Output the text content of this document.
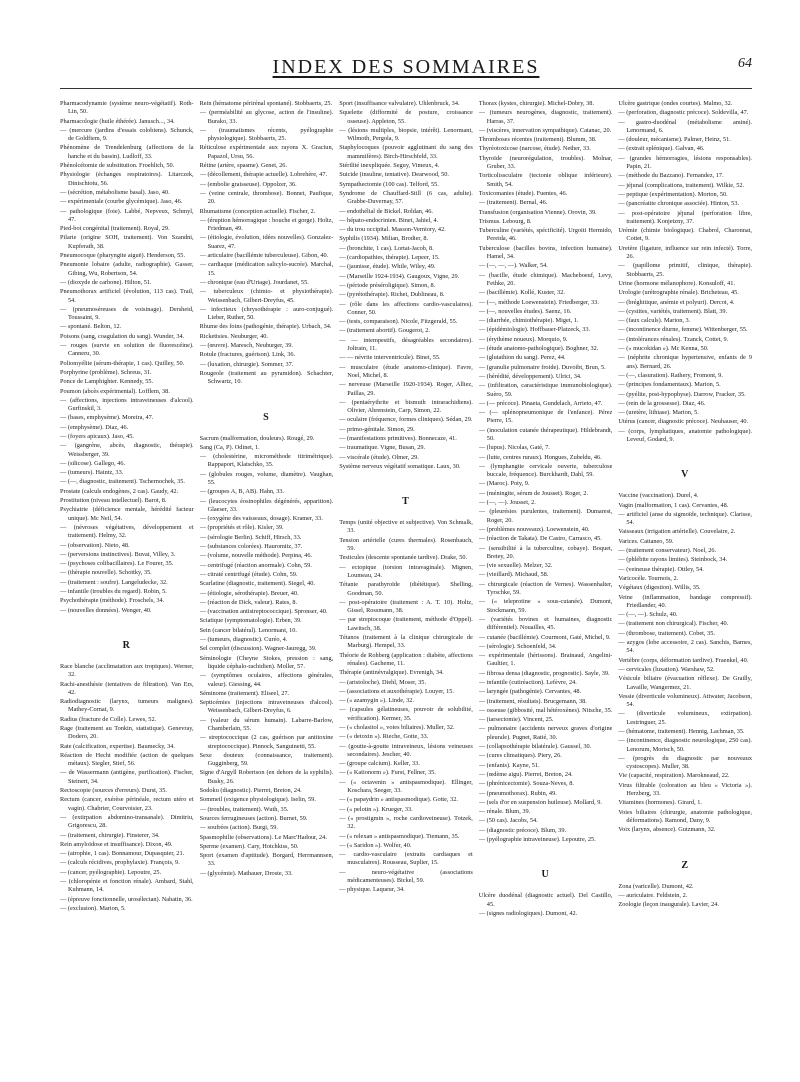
INDEX DES SOMMAIRES	64
Pharmacodynamie (système neuro-végétatif). Roth-Lin, 50.
Pharmacologie (huile éthérée). Janusch..., 34.
— (mercure (jardins d'essais colobiens). Schunck, de Goldfiem, 9.
Phénomène de Trendelenburg (affections de la hanche et du bassin). Ludloff, 33.
Phénolcétomie de substitution. Froehlich, 50.
Physiologie (échanges respiratoires). Litarczek, Dinischiotu, 56.
— (sécrétion, métabolisme basal). Jaso, 40.
— expérimentale (courbe glycémique). Jaso, 46.
— pathologique (foie). Labbé, Nepveux, Schmyl, 47.
Pied-bot congénital (traitement). Royal, 29.
Pilarie (origine SOH, traitement). Von Szandni, Kupferath, 38.
Pneumocoque (pharyngite aiguë). Henderson, 55.
Pneumonie lobaire (adulte, radiographie). Gasser, Gibing, Wu, Robertson, 54.
— (dioxyde de carbone). Hilton, 51.
Pneumothorax artificiel (évolution, 113 cas). Trail, 54.
— (pneumoséreuses de voisinage). Dersheid, Toussaint, 9.
— spontané. Belton, 12.
Poisons (sang, coagulation du sang). Wunder, 34.
— rouges (survie en solution de fluorescéine). Canneru, 30.
Poliomyélite (sérum-thérapie, 1 cas). Quilley, 50.
Porphyrine (problème). Schreus, 31.
Ponce de Lamphighter. Kennedy, 55.
Poumon (abcès expérimental). Lofflem, 38.
— (affections, injections intraveineuses d'alcool). Gurfinskil, 3.
— (bases, emphysème). Moreira, 47.
— (emphysème). Diaz, 46.
— (foyers apicaux). Jaso, 45.
— (gangrène, abcès, diagnostic, thérapie). Weissberger, 39.
— (silicose). Gallego, 46.
— (tumeurs). Haintz, 33.
— (—, diagnostic, traitement). Tschernochek, 35.
Prostate (calculs endogènes, 2 cas). Gaudy, 42.
Prostitution (niveau intellectuel). Barot, 8.
Psychiatrie (déficience mentale, hérédité facteur unique). Mc Neil, 54.
— (névroses végétatives, développement et traitement). Helmy, 32.
— (observation). Nieto, 48.
— (perversions instinctives). Buvat, Villey, 3.
— (psychoses colibacillaires). Le Fourer, 35.
— (thérapie nouvelle). Schottky, 35.
— (traitement : soufre). Langeludecke, 32.
— infantile (troubles du regard). Robin, 5.
Psychothérapie (méthode). Froschels, 34.
— (nouvelles données). Wenger, 40.
R
Race blanche (acclimatation aux tropiques). Werner, 32.
Rachi-anesthésie (tentatives de filtration). Van Ers, 42.
Radiodiagnostic (larynx, tumeurs malignes). Mathey-Cornat, 9.
Radius (fracture de Colle). Lewes, 52.
Rage (traitement au Tonkin, statistique). Genevray, Dodero, 20.
Rate (calcification, expertise). Baumecky, 34.
Réaction de Hecht modifiée (action de quelques métaux). Siegler, Stief, 56.
— de Wassermann (antigène, purification). Fischer, Steinert, 34.
Rectoscopie (sources d'erreurs). Durst, 35.
Rectum (cancer, exérèse périnéale, rectum utéro et vagin). Chabrier, Courvoisier, 23.
— (extirpation abdomino-transanale). Dimitriu, Grigorescu, 28.
— (traitement, chirurgie). Finsterer, 34.
Rein amyloïdose et insuffisance). Dixon, 49.
— (atrophie, 1 cas). Bonnamour, Dupasquier, 21.
— (calculs récidives, prophylaxie). François, 9.
— (cancer, pyélographie). Lepoutre, 25.
— (chloropénie et fonction rénale). Ambard, Stahl, Kuhmann, 14.
— (épreuve fonctionnelle, urosélectan). Nabatin, 36.
— (exclusion). Marion, 5.
Rein (hématome périrénal spontané). Stobbaerts, 25.
— (perméabilité au glycose, action de l'insuline). Burako, 33.
— (traumatismes récents, pyélographie physiologique). Stobbaerts, 25.
Réticulose expérimentale aux rayons X. Graciun, Papazol, Ursu, 56.
Rétine (artère, spasme). Genet, 26.
— (décollement, thérapie actuelle). Lobrehère, 47.
— (embolie graisseuse). Oppolzer, 36.
— (veine centrale, thrombose). Bonnet, Paufique, 20.
Rhumatisme (conception actuelle). Fischer, 2.
— (éruption hémorragique : bouche et gorge). Holtz, Friedman, 49.
— (étiologie, évolution, idées nouvelles). Gonzalez-Suarez, 47.
— articulaire (bacillémie tuberculeuse). Gibon, 40.
— cardiaque (médication salicylo-sucrée). Marchal, 15.
— chronique (eau d'Uriage). Jourdanet, 55.
— tuberculeux (chimio- et physiothérapie). Weissenbach, Gilbert-Dreyfus, 45.
— infectieux (chrysothérapie : auro-conjugué). Lieber, Ruther, 50.
Rhume des foins (pathogénie, thérapie). Urbach, 34.
Rickettsies. Neuburger, 40.
— (œuvre). Maresch, Neuburger, 39.
Rotule (fractures, guérison). Link, 36.
— (luxation, chirurgie). Sommer, 37.
Rougeole (traitement au pyramidon). Schachter, Schwartz, 10.
S
Sacrum (malformation, douleurs). Rougé, 29.
Sang (Ca, P). Odinet, 1.
— (cholestérine, microméthode titrimétrique). Rappaport, Klatschko, 35.
— (globules rouges, volume, diamètre). Vaughan, 55.
— (groupes A, B, AB). Hahn, 33.
— (leucocytes éosinophiles dégénérés, apparition). Glaeser, 33.
— (oxygène des vaisseaux, dosage). Kramer, 33.
— (propriétés et rôle). Kisler, 39.
— (sérologie Berlin). Schiff, Hirsch, 33.
— (substances colorées). Hauromitz, 37.
— (volume, nouvelle méthode). Perpina, 46.
— centrifugé (réaction anormale). Cohn, 59.
— citraté centrifugé (étude). Cohn, 59.
Scarlatine (diagnostic, traitement). Siegel, 40.
— (étiologie, sérothérapie). Breuer, 40.
— (réaction de Dick, valeur). Rates, 8.
— (vaccination antistreptococcique). Spronser, 40.
Sciatique (symptomatologie). Erben, 39.
Sein (cancer bilatéral). Lenormant, 10.
— (tumeurs, diagnostic). Curéo, 4.
Sel complet (discussion). Wagner-Jauregg, 39.
Séminologie (Cheyne Stokes, pression : sang, liquide céphalo-rachidien). Moller, 57.
— (symptômes oculaires, affections générales, valeur). Giessing, 44.
Séminome (traitement). Eliseel, 27.
Septicémies (injections intraveineuses d'alcool). Weissenbach, Gilbert-Dreyfus, 6.
— (valeur du sérum humain). Labarre-Barlow, Chamberlain, 55.
— streptococcique (2 cas, guérison par antitoxine streptococcique). Pinnock, Sanguinetti, 55.
Sexe douteux (connaissance, traitement). Gugginberg, 59.
Signe d'Argyll Robertson (en dehors de la syphilis). Busky, 26.
Sodoku (diagnostic). Pierret, Breton, 24.
Sommeil (exigence physiologique). Iselin, 59.
— (troubles, traitement). Wuth, 35.
Sources ferrugineuses (action). Burnet, 59.
— soufrées (action). Burgi, 59.
Spasmophilie (observations). Le Marc'Hadour, 24.
Sperme (examen). Cary, Hotchkiss, 50.
Sport (examen d'aptitude). Borgard, Herrmannsen, 33.
— (glycémie). Mathauer, Droste, 33.
Sport (insuffisance valvulaire). Uhlenbruck, 34.
Squelette (difformité de posture, croissance osseuse). Appleton, 55.
— (lésions multiples, biopsie, intérêt). Lenormant, Wilmoth, Pergola, 9.
Staphylocoques (pouvoir agglutinant du sang des mammifères). Birch-Hirschfeld, 33.
Stérilité inexpliquée. Seguy, Vimeux, 4.
Suicide (insuline, tentative). Dearwood, 50.
Sympathectomie (100 cas). Telford, 55.
Syndrome de Chauffard-Still (6 cas, adulte). Grabbe-Duvernay, 57.
— endothélial de Bickel. Roldan, 46.
— hépato-endocrinien. Binet, Jahiel, 4.
— du trou occipital. Masson-Verniory, 42.
Syphilis (1934). Milian, Brodier, 8.
— (bronchite, 1 cas). Lortat-Jacob, 8.
— (cardiopathies, thérapie). Lepeer, 15.
— (jaunisse, étude). While, Wiley, 49.
— (Marseille 1924-1934). Gaugoux, Vigne, 29.
— (période préséroligique). Simon, 8.
— (pyrétothérapie). Richet, Dublineau, 8.
— (rôle dans les affections cardio-vasculaires). Conner, 50.
— (tests, comparaison). Nicole, Fitzgerald, 55.
— (traitement abortif). Gougerot, 2.
— — intempestifs, désagréables secondaires). Joltrain, 11.
— — névrite interventricule). Binet, 55.
— musculaire (étude anatomo-clinique). Favre, Noel, Michel, 8.
— nerveuse (Marseille 1920-1934). Roger, Alliez, Paillas, 29.
— (pentaérythrite et bismuth intrarachidiens). Olivier, Ahrenstein, Carp, Simon, 22.
— oculaire (fréquence, formes cliniques). Sédan, 29.
— primo-génitale. Simon, 29.
— (manifestations primitives). Bonnecaze, 41.
— traumatique. Vigne, Busan, 29.
— viscérale (étude). Olmer, 29.
Système nerveux végétatif somatique. Laux, 30.
T
Temps (unité objective et subjective). Von Schmalk, 33.
Tension artérielle (cures thermales). Rosenbauch, 59.
Testicules (descente spontanée tardive). Drake, 50.
— ectopique (torsion intravaginale). Mignen, Loumeau, 24.
Tétanie parathyroïde (diététique). Shelling, Goodman, 50.
— post-opératoire (traitement : A. T. 10). Holtz, Gissel, Rossmann, 38.
— par streptocoque (traitement, méthode d'Oppel). Lawitsch, 38.
Tétanos (traitement à la clinique chirurgicale de Marburg). Hempel, 33.
Théorie de Rohberg (application : diabète, affections rénales). Gacheme, 11.
Thérapie (antinévralgique). Evrenigh, 34.
— (aristoloche). Diehl, Moser, 35.
— (associations et auxothérapie). Louyer, 15.
— (« azamygin »). Linde, 32.
— (capsules gélatineuses, pouvoir de solubilité, vérification). Kermer, 35.
— (« cholasitol », voies biliaires). Muller, 32.
— (« detoxin »). Rieche, Gotte, 33.
— (goutte-à-goutte intraveineux, lésions veineuses secondaires). Jescher, 40.
— (groupe calcium). Keller, 33.
— (« Kationorm »). Furst, Fellner, 35.
— (« octavenin » antispasmodique). Ellinger, Koschara, Seeger, 33.
— (« papaydrin » antispasmodique). Gotte, 32.
— (« pelotin »). Krueger, 33.
— (« prostigmin », roche cardioveineuse). Totzek, 32.
— (« relexan » antispasmodique). Tiemann, 35.
— (« Saridon »). Wolfer, 40.
— cardio-vasculaire (extraits cardiaques et musculaires). Rousseau, Suplier, 15.
— neuro-végétative (associations médicamenteuses). Bickel, 59.
— physique. Laqueur, 34.
Thorax (kystes, chirurgie). Michel-Dobry, 38.
— (tumeurs neurogènes, diagnostic, traitement). Harras, 37.
— (viscères, innervation sympathique). Catanac, 20.
Thromboses récentes (traitement). Blumm, 38.
Thyréotoxicose (narcose, étude). Nether, 33.
Thyroïde (neurorégulation, troubles). Molnar, Gruber, 33.
Torticolissculaire (tectonie oblique inférieure). Smith, 54.
Toxicomanies (étude). Fuentes, 46.
— (traitement). Bernal, 46.
Transfusion (organisation Vienne). Orovin, 39.
Trismus. Lebourg, 8.
Tuberculine (variétés, spécificité). Urgoiti Hermido, Pereida, 46.
Tuberculose (bacilles bovins, infection humaine). Hamel, 34.
— (—, —, —). Walker, 54.
— (bacille, étude chimique). Macheboeuf, Levy, Fethke, 20.
— (bacillémie). Kollé, Kuster, 32.
— (—, méthode Loewenstein). Friedberger, 33.
— (—, nouvelles études). Saenz, 16.
— (diarrhée, chimiothérapie). Miget, 1.
— (épidémiologie). Hoffbauer-Platzeck, 33.
— (érythème noueux). Morquio, 9.
— (étude anatomo-pathologique). Boghner, 32.
— (glutathion du sang). Perez, 44.
— (granulie pulmonaire froide). Duvoibt, Brun, 5.
— (hérédité, développement). Ulrici, 34.
— (infiltration, caractéristique immunobiologique). Suèro, 59.
— (— précoce). Pinaeta, Gundelach, Arrieto, 47.
— (— splénopneumonique de l'enfance). Pérez Pierre, 15.
— (inoculation cutanée thérapeutique). Hildebrandt, 50.
— (lupus). Nicolas, Gaté, 7.
— (lutte, centres ruraux). Hongues, Zubeldu, 46.
— (lymphangite cervicale ouverte, tuberculose buccale, fréquence). Burckhardt, Dahl, 59.
— (Maroc). Poty, 9.
— (méningite, sérum de Jousset). Roger, 2.
— (—, —). Jousset, 2.
— (pleurésies purulentes, traitement). Dumarest, Roger, 20.
— (problèmes nouveaux). Loewenstein, 40.
— (réaction de Takata). De Castro, Carrasco, 45.
— (sensibilité à la tuberculine, cobaye). Boquet, Bretey, 20.
— (vie sexuelle). Melzer, 32.
— (vieillard). Michaud, 58.
— chirurgicale (réaction de Vernes). Wassenhalter, Tyrschke, 59.
— (« teleprotine » sous-cutanée). Dumont, Stockmann, 59.
— (variétés bovines et humaines, diagnostic différentiel). Nouailles, 45.
— cutanée (bacillémie). Courmont, Gaté, Michel, 9.
— (sérologie). Schoenfeld, 34.
— expérimentale (hérissons). Brainaud, Angelini-Gaultier, 1.
— fibrosa densa (diagnostic, prognostic). Sayle, 39.
— infantile (cutiréaction). Lefèvre, 24.
— laryngée (pathogénie). Cervantes, 48.
— (traitement, résultats). Brucgemann, 38.
— osseuse (gibbosité, mal hétéroxènes). Nitsche, 35.
— (tarsectomie). Vincent, 25.
— pulmonaire (accidents nerveux graves d'origine pleurale). Pugnet, Ratié, 30.
— (collapsothérapie bilatérale). Gaussel, 30.
— (cures climatiques). Piery, 26.
— (enfants). Kayne, 51.
— (œdème aigu). Pierret, Breton, 24.
— (phrénicectomie). Souza-Neves, 8.
— (pneumothorax). Rubin, 49.
— (sels d'or en suspension huileuse). Mollard, 9.
— rénale. Blum, 39.
— (50 cas). Jacobs, 54.
— (diagnostic précoce). Blum, 39.
— (pyélographie intraveineuse). Lepoutre, 25.
U
Ulcère duodénal (diagnostic actuel). Del Castillo, 45.
— (signes radiologiques). Dumont, 42.
Ulcère gastrique (ondes courtes). Malmo, 32.
— (perforation, diagnostic précoce). Soldevilla, 47.
— gastro-duodénal (métabolisme aminé). Lenormand, 6.
— (douleur, mécanisme). Palmer, Heinz, 51.
— (extrait splénique). Galvan, 46.
— (grandes hémorragies, lésions responsables). Papin, 21.
— (méthode du Bazzano). Fernandez, 17.
— jéjunal (complications, traitement). Wilkie, 52.
— peptique (expérimentation). Morton, 50.
— (pancréatite chronique associée). Hinton, 53.
— post-opératoire jéjunal (perforation libre, traitement). Konjetzny, 37.
Urémie (chimie biologique). Chabrol, Charonnat, Cottet, 9.
Uretère (ligature, influence sur rein infecté). Torre, 26.
— (papillome primitif, clinique, thérapie). Stobbaerts, 25.
Urine (hormone mélanophore). Konsuloff, 41.
Urologie (urétrographie rénale). Bricheteau, 45.
— (bréghitique, anémie et polyuri). Dercot, 4.
— (cystites, variétés, traitement). Blatt, 39.
— (faux calculs). Marion, 3.
— (incontinence diurne, femme). Wittenberger, 55.
— (intolérances rénales). Tzanck, Cottet, 9.
— (« mucokidan »). Mc Kenna, 50.
— (néphrite chronique hypertensive, enfants de 9 ans). Bernard, 26.
— (—, clasuration). Rathery, Fromont, 9.
— (principes fondamentaux). Marion, 5.
— (pyélite, post-hypophyse). Darrow, Fracker, 35.
— (rein de la grossesse). Diaz, 46.
— (uretère, lithiase). Marion, 5.
Utérus (cancer, diagnostic précoce). Neuhauser, 40.
— (corps, lymphatiques, anatomie pathologique). Leveuf, Godard, 9.
V
Vaccine (vaccination). Durel, 4.
Vagin (malformation, 1 cas). Cervantes, 48.
— artificiel (anse du sigmoïde, technique). Clarisse, 54.
Vaisseaux (irrigation artérielle). Couvelaire, 2.
Varices. Cattaneo, 59.
— (traitement conservateur). Noel, 26.
— (phlébite rayons limites). Steinbock, 34.
— (veineuse thérapie). Ottley, 54.
Varicocèle. Tournois, 2.
Végétaux (digestion). Willis, 35.
Veine (inflammation, bandage compressif). Friedlander, 40.
— (—, —). Schulz, 40.
— (traitement non chirurgical). Fischer, 40.
— (thrombose, traitement). Cobet, 35.
— azygos (lobe accessoire, 2 cas). Sanchis, Barnes, 54.
Vertèbre (corps, déformation tardive). Fraenkel, 40.
— cervicales (luxation). Warshaw, 52.
Vésicule biliaire (évacuation réflexe). De Grailly, Lavaille, Wangermez, 21.
Vessie (diverticule volumineux). Attwater, Jacobson, 54.
— (diverticule volumineux, extirpation). Lestringuer, 25.
— (hématome, traitement). Hennig, Lachman, 35.
— (incontinence, diagnostic neurologique, 250 cas). Lenorum, Morisch, 50.
— (progrès du diagnostic par nouveaux cystoscopes). Muller, 38.
Vie (capacité, respiration). Marokneaud, 22.
Virus filtrable (coloration au bleu « Victoria »). Herzberg, 33.
Vitamines (hormones). Girard, 1.
Voies biliaires (chirurgie, anatomie pathologique, déformations). Ramond, Dany, 9.
Voix (larynx, absence). Gutzmann, 32.
Z
Zona (varicelle). Dumont, 42.
— auriculaire. Feldstein, 2.
Zoologie (leçon inaugurale). Lavier, 24.
